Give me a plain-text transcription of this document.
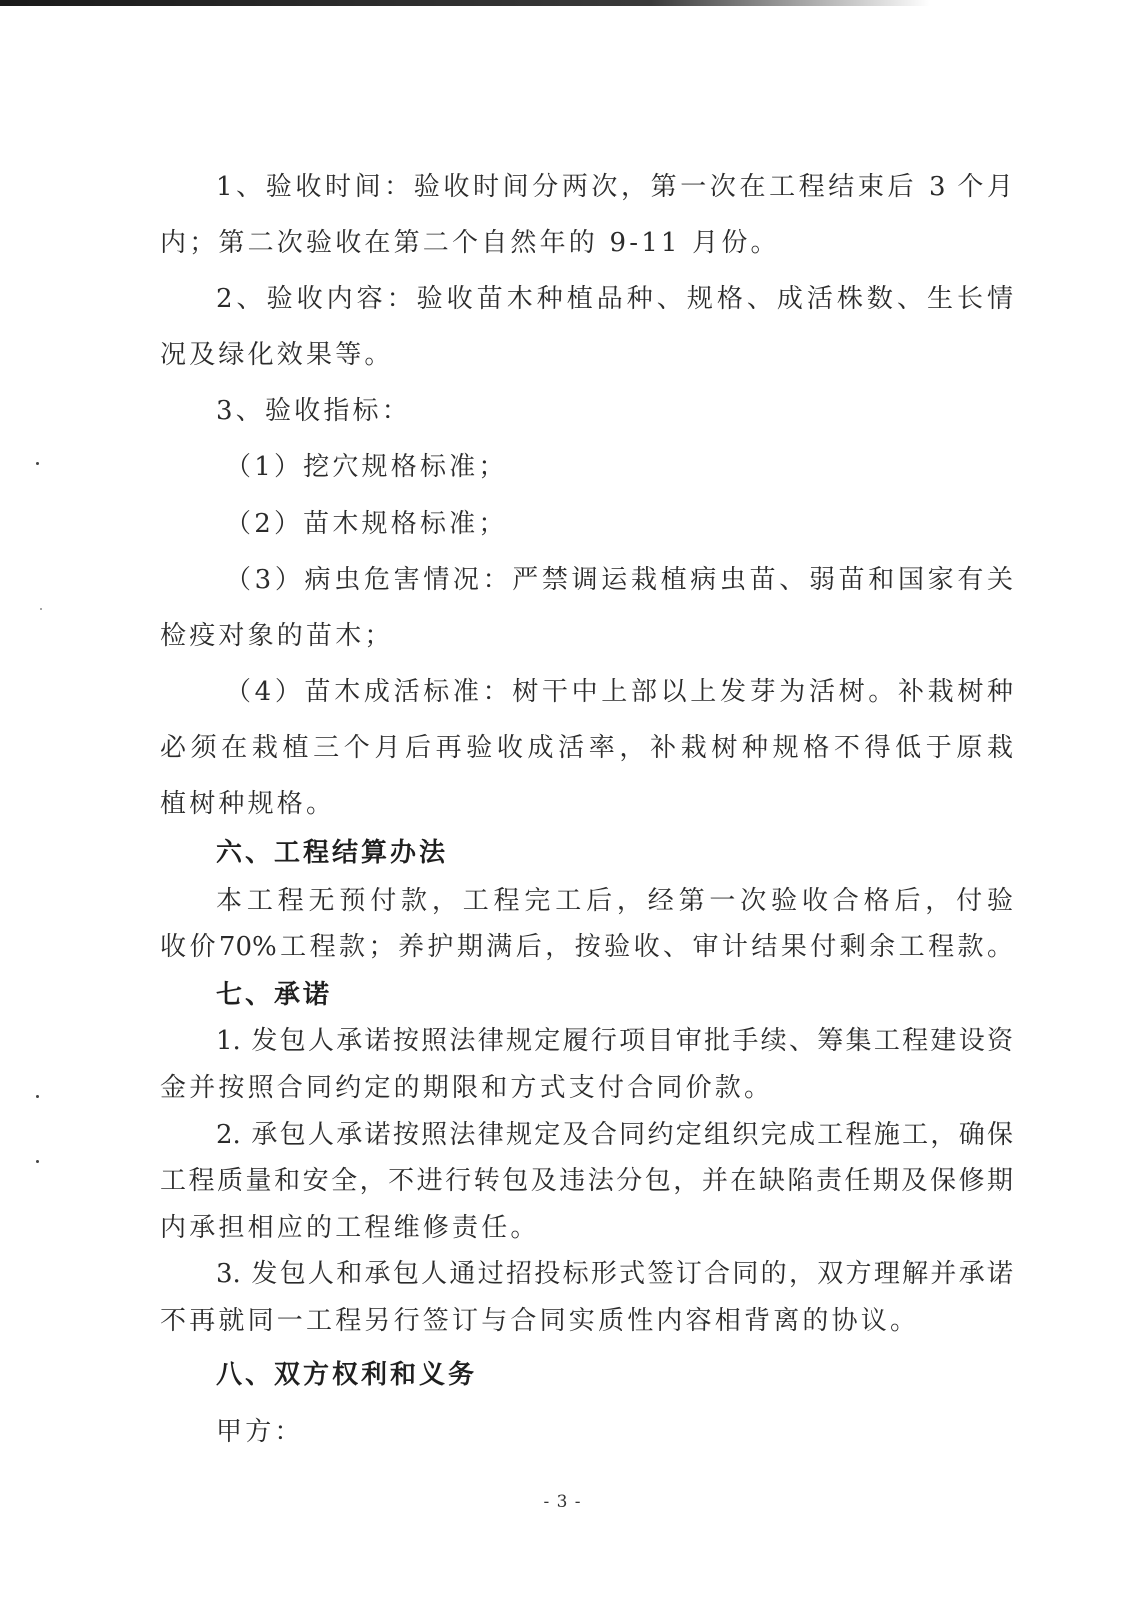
1、验收时间：验收时间分两次，第一次在工程结束后 3 个月
内；第二次验收在第二个自然年的 9-11 月份。
2、验收内容：验收苗木种植品种、规格、成活株数、生长情
况及绿化效果等。
3、验收指标：
（1）挖穴规格标准；
（2）苗木规格标准；
（3）病虫危害情况：严禁调运栽植病虫苗、弱苗和国家有关
检疫对象的苗木；
（4）苗木成活标准：树干中上部以上发芽为活树。补栽树种
必须在栽植三个月后再验收成活率，补栽树种规格不得低于原栽
植树种规格。
六、工程结算办法
本工程无预付款，工程完工后，经第一次验收合格后，付验
收价70%工程款；养护期满后，按验收、审计结果付剩余工程款。
七、承诺
1. 发包人承诺按照法律规定履行项目审批手续、筹集工程建设资
金并按照合同约定的期限和方式支付合同价款。
2. 承包人承诺按照法律规定及合同约定组织完成工程施工，确保
工程质量和安全，不进行转包及违法分包，并在缺陷责任期及保修期
内承担相应的工程维修责任。
3. 发包人和承包人通过招投标形式签订合同的，双方理解并承诺
不再就同一工程另行签订与合同实质性内容相背离的协议。
八、双方权利和义务
甲方：
- 3 -
